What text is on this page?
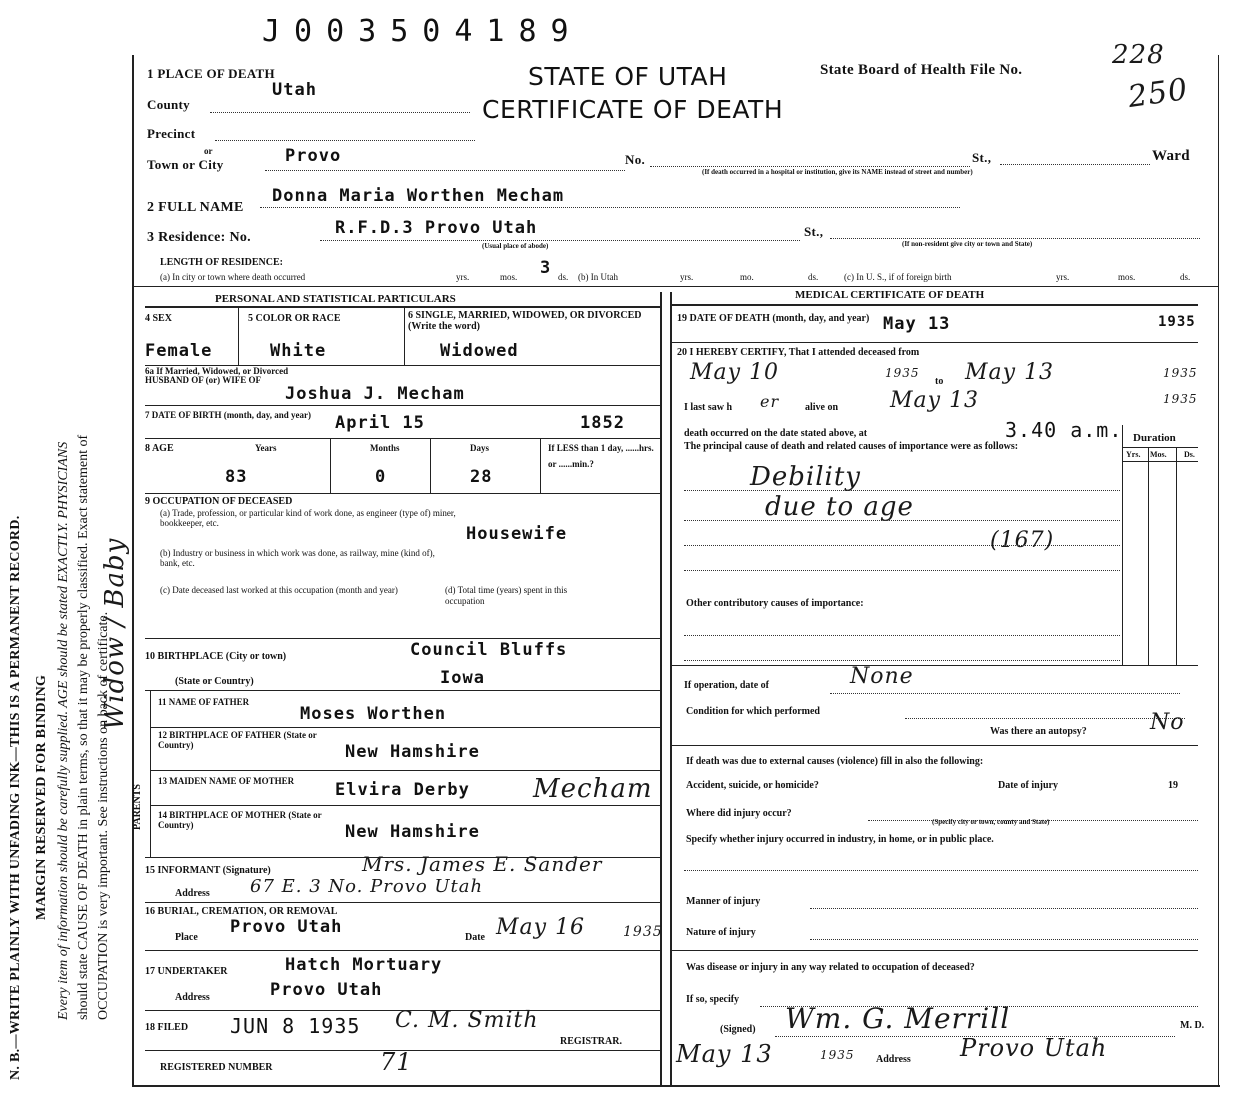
J003504189
N. B.—WRITE PLAINLY WITH UNFADING INK—THIS IS A PERMANENT RECORD. MARGIN RESERVED FOR BINDING Every item of information should be carefully supplied. AGE should be stated EXACTLY. PHYSICIANS should state CAUSE OF DEATH in plain terms, so that it may be properly classified. Exact statement of OCCUPATION is very important. See instructions on back of certificate.
Widow / Baby
1 PLACE OF DEATH	STATE OF UTAH
CERTIFICATE OF DEATH
State Board of Health File No.	228
250
County
Utah
Precinct
or
Town or City	Provo	No.	St.,	Ward
(If death occurred in a hospital or institution, give its NAME instead of street and number)
2 FULL NAME
Donna Maria Worthen Mecham
3 Residence: No.	R.F.D.3 Provo Utah
(Usual place of abode)
St.,
(If non-resident give city or town and State)
LENGTH OF RESIDENCE:
(a) In city or town where death occurred	yrs.	mos. 3 ds. (b) In Utah	yrs.	mo.	ds.	(c) In U. S., if of foreign birth	yrs.	mos.	ds.
PERSONAL AND STATISTICAL PARTICULARS
4 SEX	5 COLOR OR RACE	6 SINGLE, MARRIED, WIDOWED, OR DIVORCED (Write the word)
Female	White	Widowed
6a If Married, Widowed, or Divorced HUSBAND OF (or) WIFE OF
Joshua J. Mecham
7 DATE OF BIRTH (month, day, and year)	April 15	1852
8 AGE	Years	Months	Days	If LESS than 1 day, ......hrs. or ......min.?
83	0	28
9 OCCUPATION OF DECEASED
(a) Trade, profession, or particular kind of work done, as engineer (type of) miner, bookkeeper, etc.
Housewife
(b) Industry or business in which work was done, as railway, mine (kind of), bank, etc.
(c) Date deceased last worked at this occupation (month and year)	(d) Total time (years) spent in this occupation
10 BIRTHPLACE (City or town)	Council Bluffs
(State or Country)	Iowa
PARENTS
11 NAME OF FATHER
Moses Worthen
12 BIRTHPLACE OF FATHER (State or Country)	New Hamshire
13 MAIDEN NAME OF MOTHER	Elvira Derby Mecham
14 BIRTHPLACE OF MOTHER (State or Country)	New Hamshire
15 INFORMANT (Signature)	Mrs. James E. Sander
Address 67 E. 3 No. Provo Utah
16 BURIAL, CREMATION, OR REMOVAL
Place
Provo Utah
Date May 16	1935
17 UNDERTAKER	Hatch Mortuary
Address	Provo Utah
18 FILED JUN 8 1935 C. M. Smith
REGISTRAR.
REGISTERED NUMBER	71
MEDICAL CERTIFICATE OF DEATH
19 DATE OF DEATH (month, day, and year) May 13	1935
20 I HEREBY CERTIFY, That I attended deceased from
May 10	1935
to May 13	1935
I last saw h er	alive on May 13	1935
death occurred on the date stated above, at	3.40 a.m.
The principal cause of death and related causes of importance were as follows:
Duration
Yrs. Mos. Ds.
Debility
due to age
(167)
Other contributory causes of importance:
If operation, date of	None
Condition for which performed
Was there an autopsy?	No
If death was due to external causes (violence) fill in also the following:
Accident, suicide, or homicide?	Date of injury	19
Where did injury occur?
(Specify city or town, county and State)
Specify whether injury occurred in industry, in home, or in public place.
Manner of injury
Nature of injury
Was disease or injury in any way related to occupation of deceased?
If so, specify
(Signed) Wm. G. Merrill	M. D.
May 13	1935 Address Provo Utah
